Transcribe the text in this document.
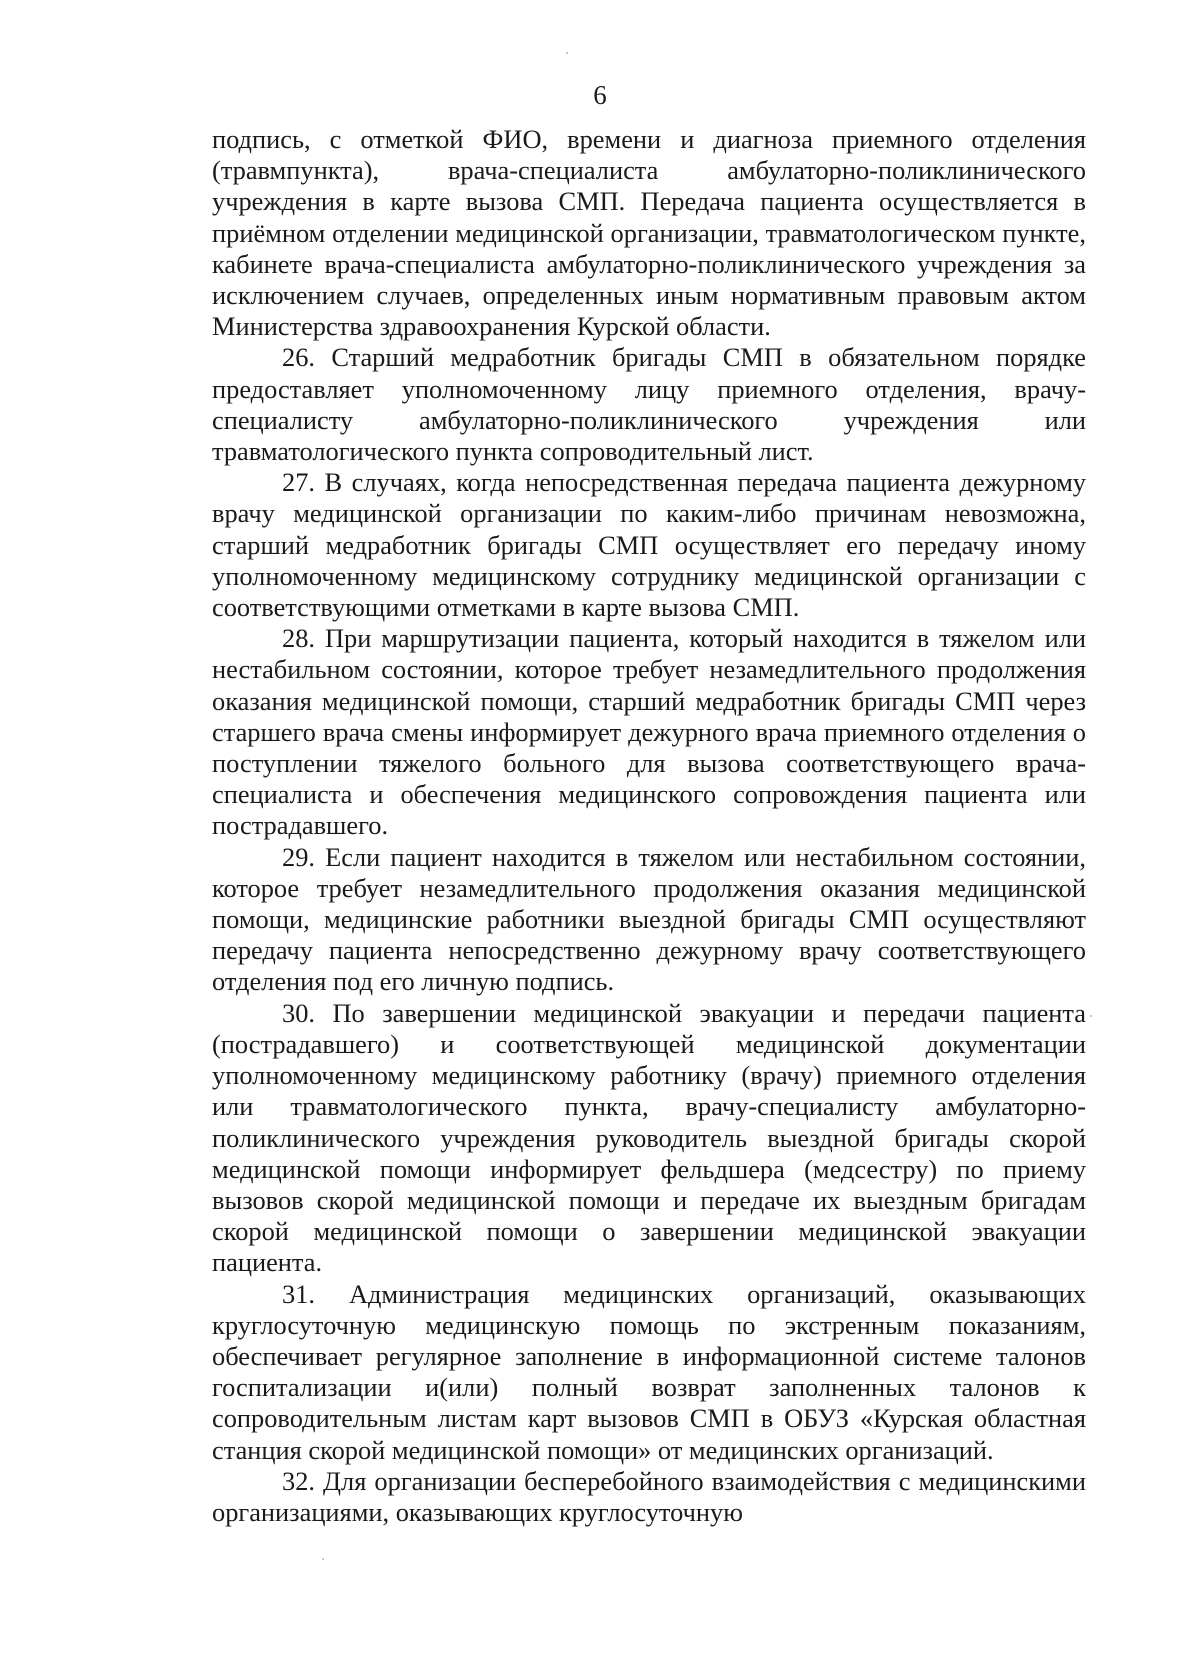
6

подпись, с отметкой ФИО, времени и диагноза приемного отделения (травмпункта), врача-специалиста амбулаторно-поликлинического учреждения в карте вызова СМП. Передача пациента осуществляется в приёмном отделении медицинской организации, травматологическом пункте, кабинете врача-специалиста амбулаторно-поликлинического учреждения за исключением случаев, определенных иным нормативным правовым актом Министерства здравоохранения Курской области.

26. Старший медработник бригады СМП в обязательном порядке предоставляет уполномоченному лицу приемного отделения, врачу-специалисту амбулаторно-поликлинического учреждения или травматологического пункта сопроводительный лист.

27. В случаях, когда непосредственная передача пациента дежурному врачу медицинской организации по каким-либо причинам невозможна, старший медработник бригады СМП осуществляет его передачу иному уполномоченному медицинскому сотруднику медицинской организации с соответствующими отметками в карте вызова СМП.

28. При маршрутизации пациента, который находится в тяжелом или нестабильном состоянии, которое требует незамедлительного продолжения оказания медицинской помощи, старший медработник бригады СМП через старшего врача смены информирует дежурного врача приемного отделения о поступлении тяжелого больного для вызова соответствующего врача-специалиста и обеспечения медицинского сопровождения пациента или пострадавшего.

29. Если пациент находится в тяжелом или нестабильном состоянии, которое требует незамедлительного продолжения оказания медицинской помощи, медицинские работники выездной бригады СМП осуществляют передачу пациента непосредственно дежурному врачу соответствующего отделения под его личную подпись.

30. По завершении медицинской эвакуации и передачи пациента (пострадавшего) и соответствующей медицинской документации уполномоченному медицинскому работнику (врачу) приемного отделения или травматологического пункта, врачу-специалисту амбулаторно-поликлинического учреждения руководитель выездной бригады скорой медицинской помощи информирует фельдшера (медсестру) по приему вызовов скорой медицинской помощи и передаче их выездным бригадам скорой медицинской помощи о завершении медицинской эвакуации пациента.

31. Администрация медицинских организаций, оказывающих круглосуточную медицинскую помощь по экстренным показаниям, обеспечивает регулярное заполнение в информационной системе талонов госпитализации и(или) полный возврат заполненных талонов к сопроводительным листам карт вызовов СМП в ОБУЗ «Курская областная станция скорой медицинской помощи» от медицинских организаций.

32. Для организации бесперебойного взаимодействия с медицинскими организациями, оказывающих круглосуточную
